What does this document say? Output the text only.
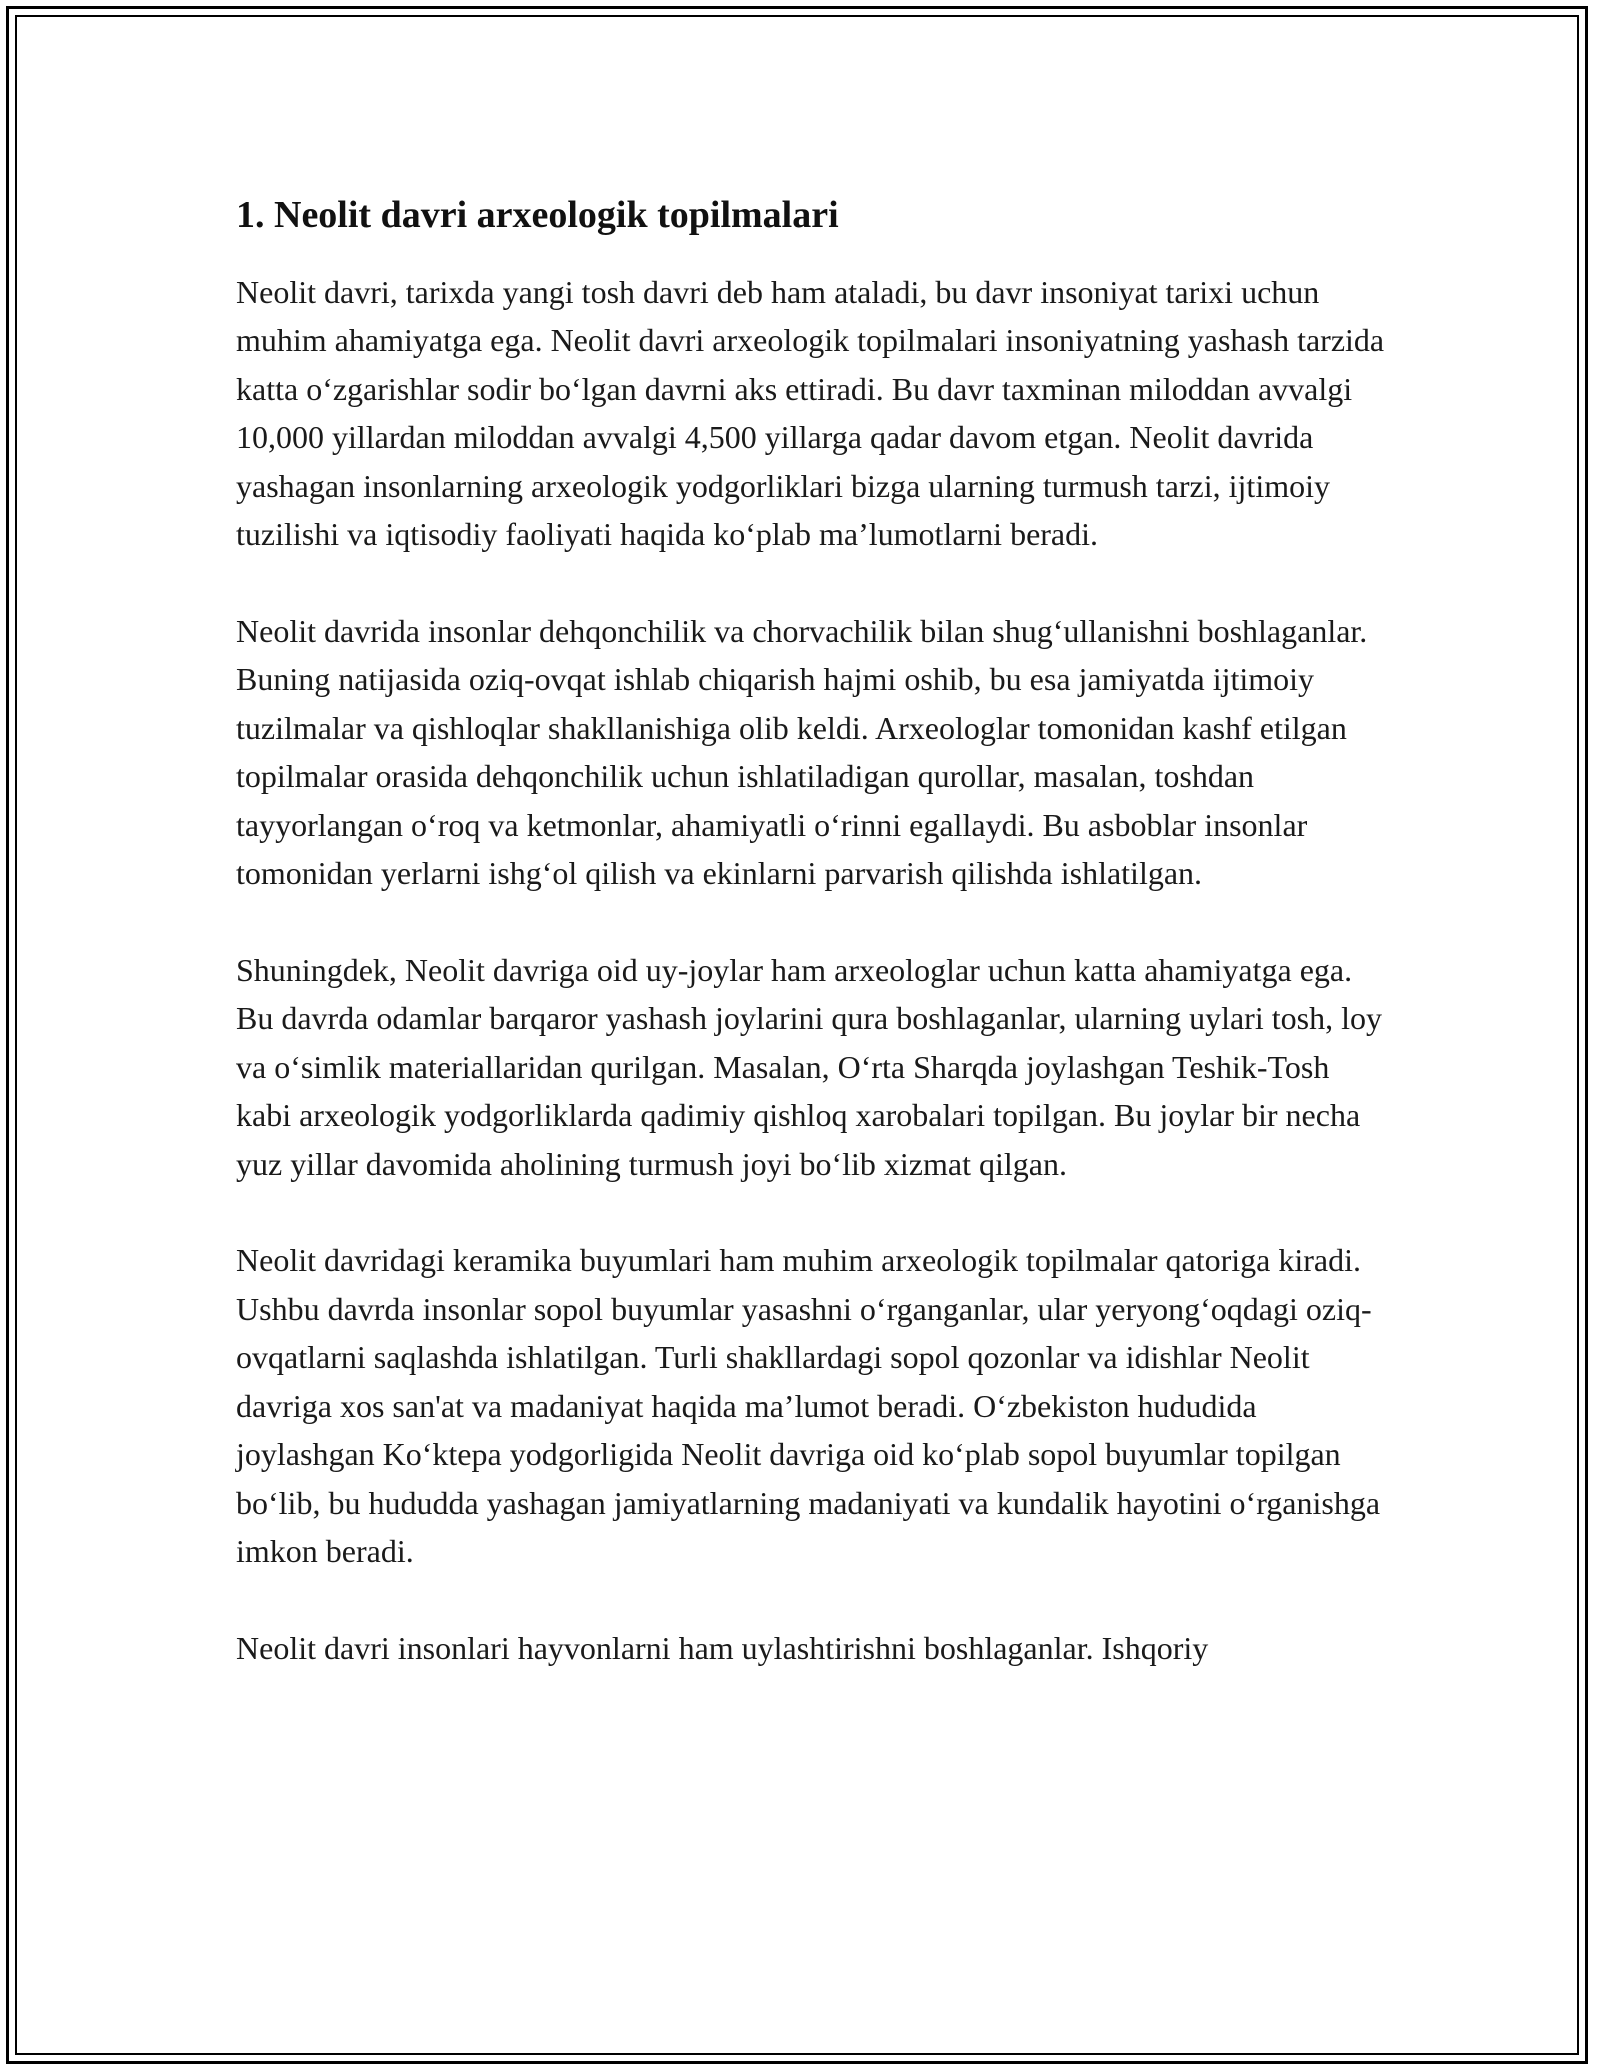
1. Neolit davri arxeologik topilmalari

Neolit davri, tarixda yangi tosh davri deb ham ataladi, bu davr insoniyat tarixi uchun muhim ahamiyatga ega. Neolit davri arxeologik topilmalari insoniyatning yashash tarzida katta o‘zgarishlar sodir bo‘lgan davrni aks ettiradi. Bu davr taxminan miloddan avvalgi 10,000 yillardan miloddan avvalgi 4,500 yillarga qadar davom etgan. Neolit davrida yashagan insonlarning arxeologik yodgorliklari bizga ularning turmush tarzi, ijtimoiy tuzilishi va iqtisodiy faoliyati haqida ko‘plab ma’lumotlarni beradi.

Neolit davrida insonlar dehqonchilik va chorvachilik bilan shug‘ullanishni boshlaganlar. Buning natijasida oziq-ovqat ishlab chiqarish hajmi oshib, bu esa jamiyatda ijtimoiy tuzilmalar va qishloqlar shakllanishiga olib keldi. Arxeologlar tomonidan kashf etilgan topilmalar orasida dehqonchilik uchun ishlatiladigan qurollar, masalan, toshdan tayyorlangan o‘roq va ketmonlar, ahamiyatli o‘rinni egallaydi. Bu asboblar insonlar tomonidan yerlarni ishg‘ol qilish va ekinlarni parvarish qilishda ishlatilgan.

Shuningdek, Neolit davriga oid uy-joylar ham arxeologlar uchun katta ahamiyatga ega. Bu davrda odamlar barqaror yashash joylarini qura boshlaganlar, ularning uylari tosh, loy va o‘simlik materiallaridan qurilgan. Masalan, O‘rta Sharqda joylashgan Teshik-Tosh kabi arxeologik yodgorliklarda qadimiy qishloq xarobalari topilgan. Bu joylar bir necha yuz yillar davomida aholining turmush joyi bo‘lib xizmat qilgan.

Neolit davridagi keramika buyumlari ham muhim arxeologik topilmalar qatoriga kiradi. Ushbu davrda insonlar sopol buyumlar yasashni o‘rganganlar, ular yeryong‘oqdagi oziq-ovqatlarni saqlashda ishlatilgan. Turli shakllardagi sopol qozonlar va idishlar Neolit davriga xos san'at va madaniyat haqida ma’lumot beradi. O‘zbekiston hududida joylashgan Ko‘ktepa yodgorligida Neolit davriga oid ko‘plab sopol buyumlar topilgan bo‘lib, bu hududda yashagan jamiyatlarning madaniyati va kundalik hayotini o‘rganishga imkon beradi.

Neolit davri insonlari hayvonlarni ham uylashtirishni boshlaganlar. Ishqoriy
